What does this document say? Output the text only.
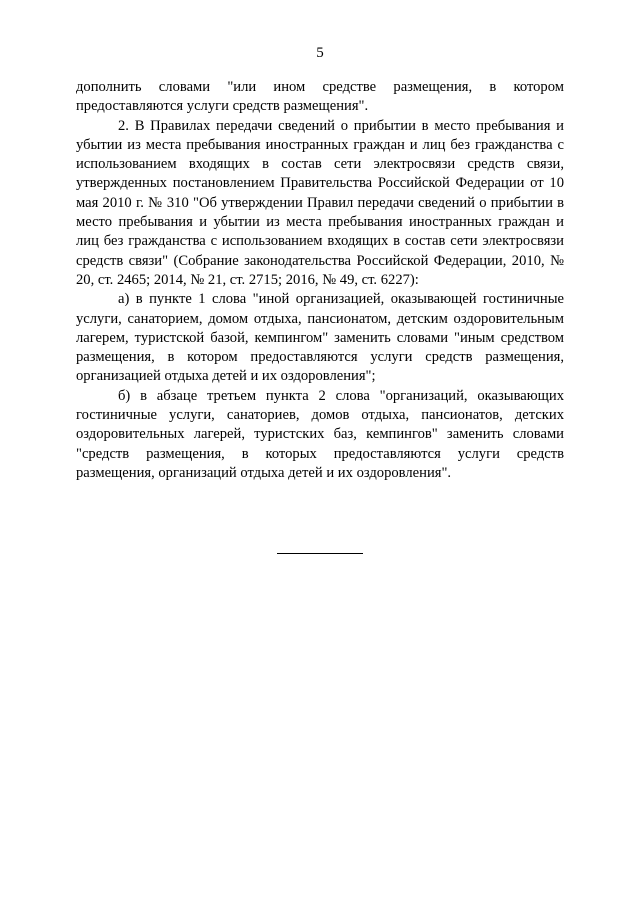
5

дополнить словами "или ином средстве размещения, в котором предоставляются услуги средств размещения".

2. В Правилах передачи сведений о прибытии в место пребывания и убытии из места пребывания иностранных граждан и лиц без гражданства с использованием входящих в состав сети электросвязи средств связи, утвержденных постановлением Правительства Российской Федерации от 10 мая 2010 г. № 310 "Об утверждении Правил передачи сведений о прибытии в место пребывания и убытии из места пребывания иностранных граждан и лиц без гражданства с использованием входящих в состав сети электросвязи средств связи" (Собрание законодательства Российской Федерации, 2010, № 20, ст. 2465; 2014, № 21, ст. 2715; 2016, № 49, ст. 6227):

а) в пункте 1 слова "иной организацией, оказывающей гостиничные услуги, санаторием, домом отдыха, пансионатом, детским оздоровительным лагерем, туристской базой, кемпингом" заменить словами "иным средством размещения, в котором предоставляются услуги средств размещения, организацией отдыха детей и их оздоровления";

б) в абзаце третьем пункта 2 слова "организаций, оказывающих гостиничные услуги, санаториев, домов отдыха, пансионатов, детских оздоровительных лагерей, туристских баз, кемпингов" заменить словами "средств размещения, в которых предоставляются услуги средств размещения, организаций отдыха детей и их оздоровления".
